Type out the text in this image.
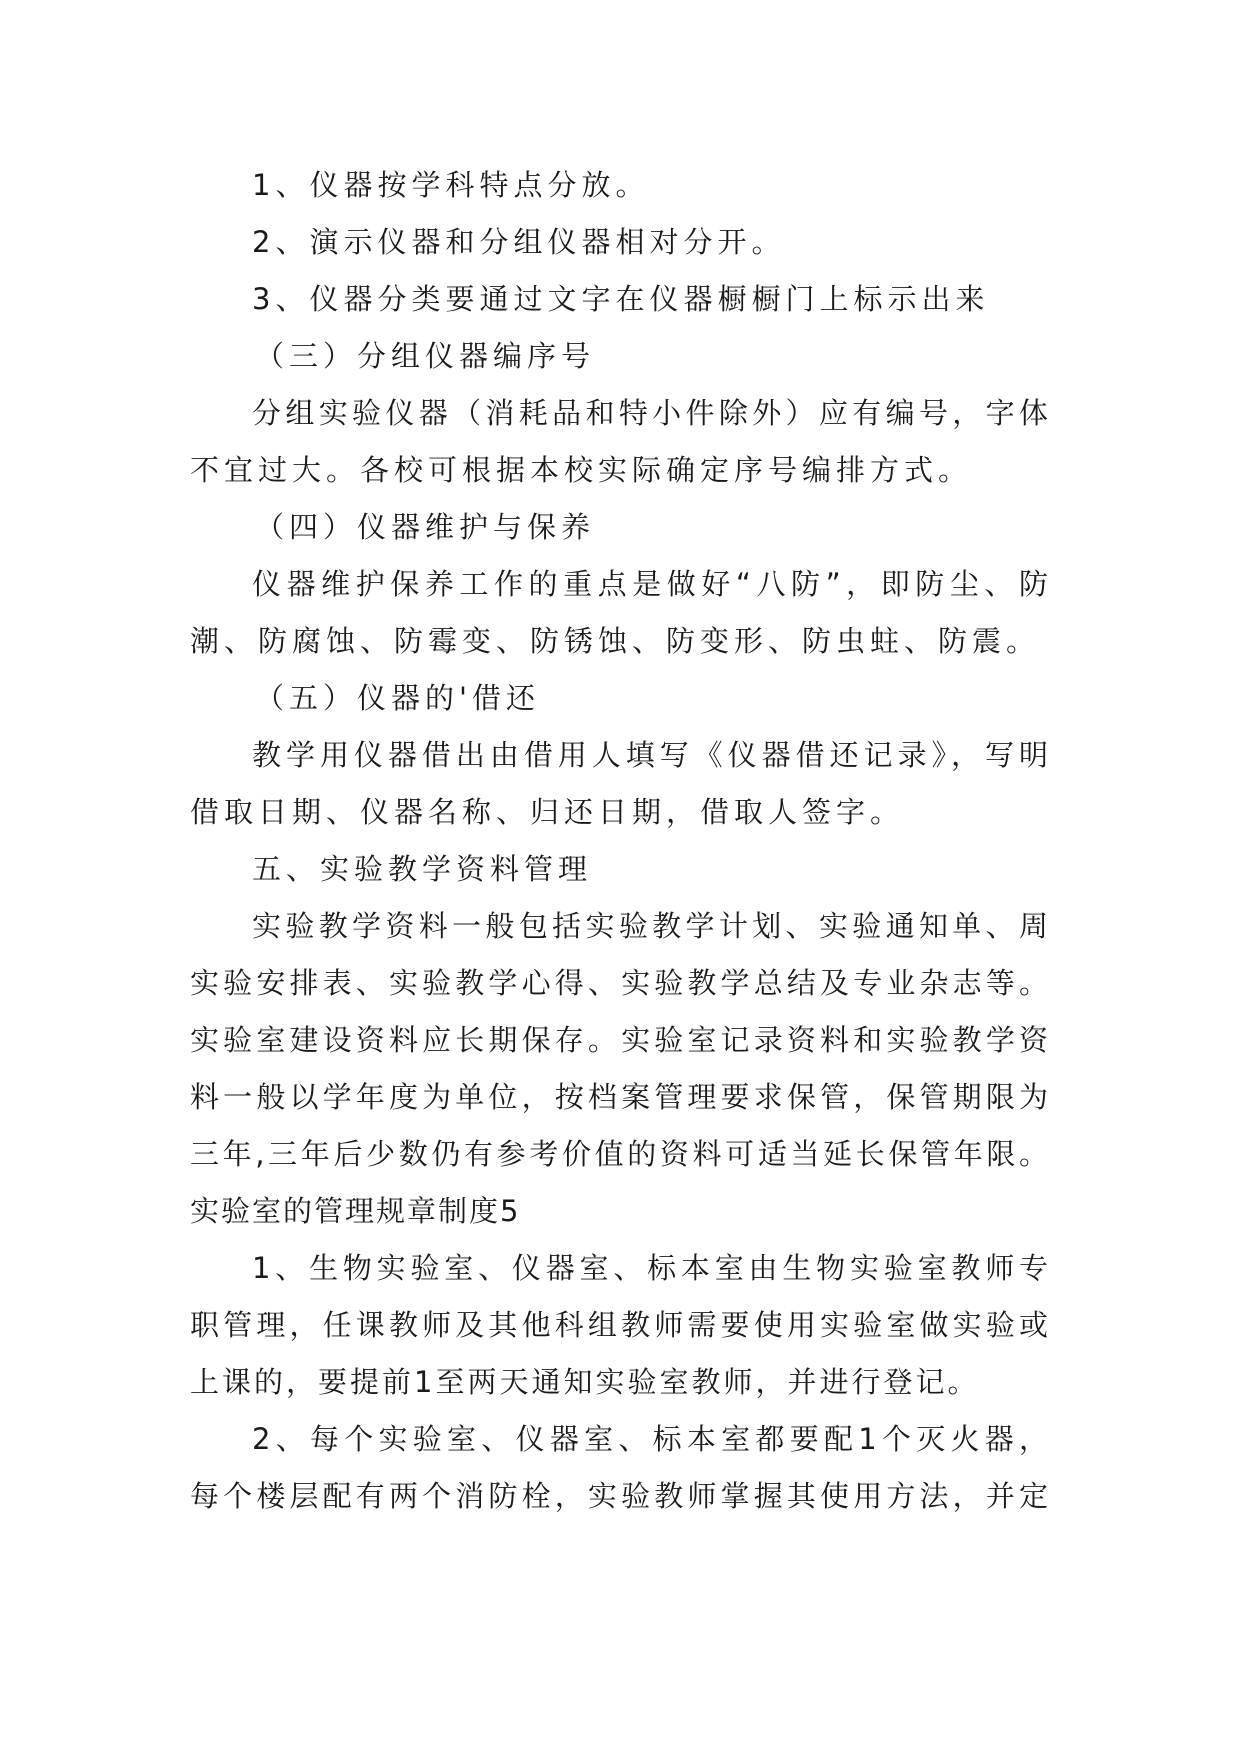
1、仪器按学科特点分放。
2、演示仪器和分组仪器相对分开。
3、仪器分类要通过文字在仪器橱橱门上标示出来
（三）分组仪器编序号
分组实验仪器（消耗品和特小件除外）应有编号，字体
不宜过大。各校可根据本校实际确定序号编排方式。
（四）仪器维护与保养
仪器维护保养工作的重点是做好“八防”，即防尘、防
潮、防腐蚀、防霉变、防锈蚀、防变形、防虫蛀、防震。
（五）仪器的'借还
教学用仪器借出由借用人填写《仪器借还记录》，写明
借取日期、仪器名称、归还日期，借取人签字。
五、实验教学资料管理
实验教学资料一般包括实验教学计划、实验通知单、周
实验安排表、实验教学心得、实验教学总结及专业杂志等。
实验室建设资料应长期保存。实验室记录资料和实验教学资
料一般以学年度为单位，按档案管理要求保管，保管期限为
三年,三年后少数仍有参考价值的资料可适当延长保管年限。
实验室的管理规章制度5
1、生物实验室、仪器室、标本室由生物实验室教师专
职管理，任课教师及其他科组教师需要使用实验室做实验或
上课的，要提前1至两天通知实验室教师，并进行登记。
2、每个实验室、仪器室、标本室都要配1个灭火器，
每个楼层配有两个消防栓，实验教师掌握其使用方法，并定
